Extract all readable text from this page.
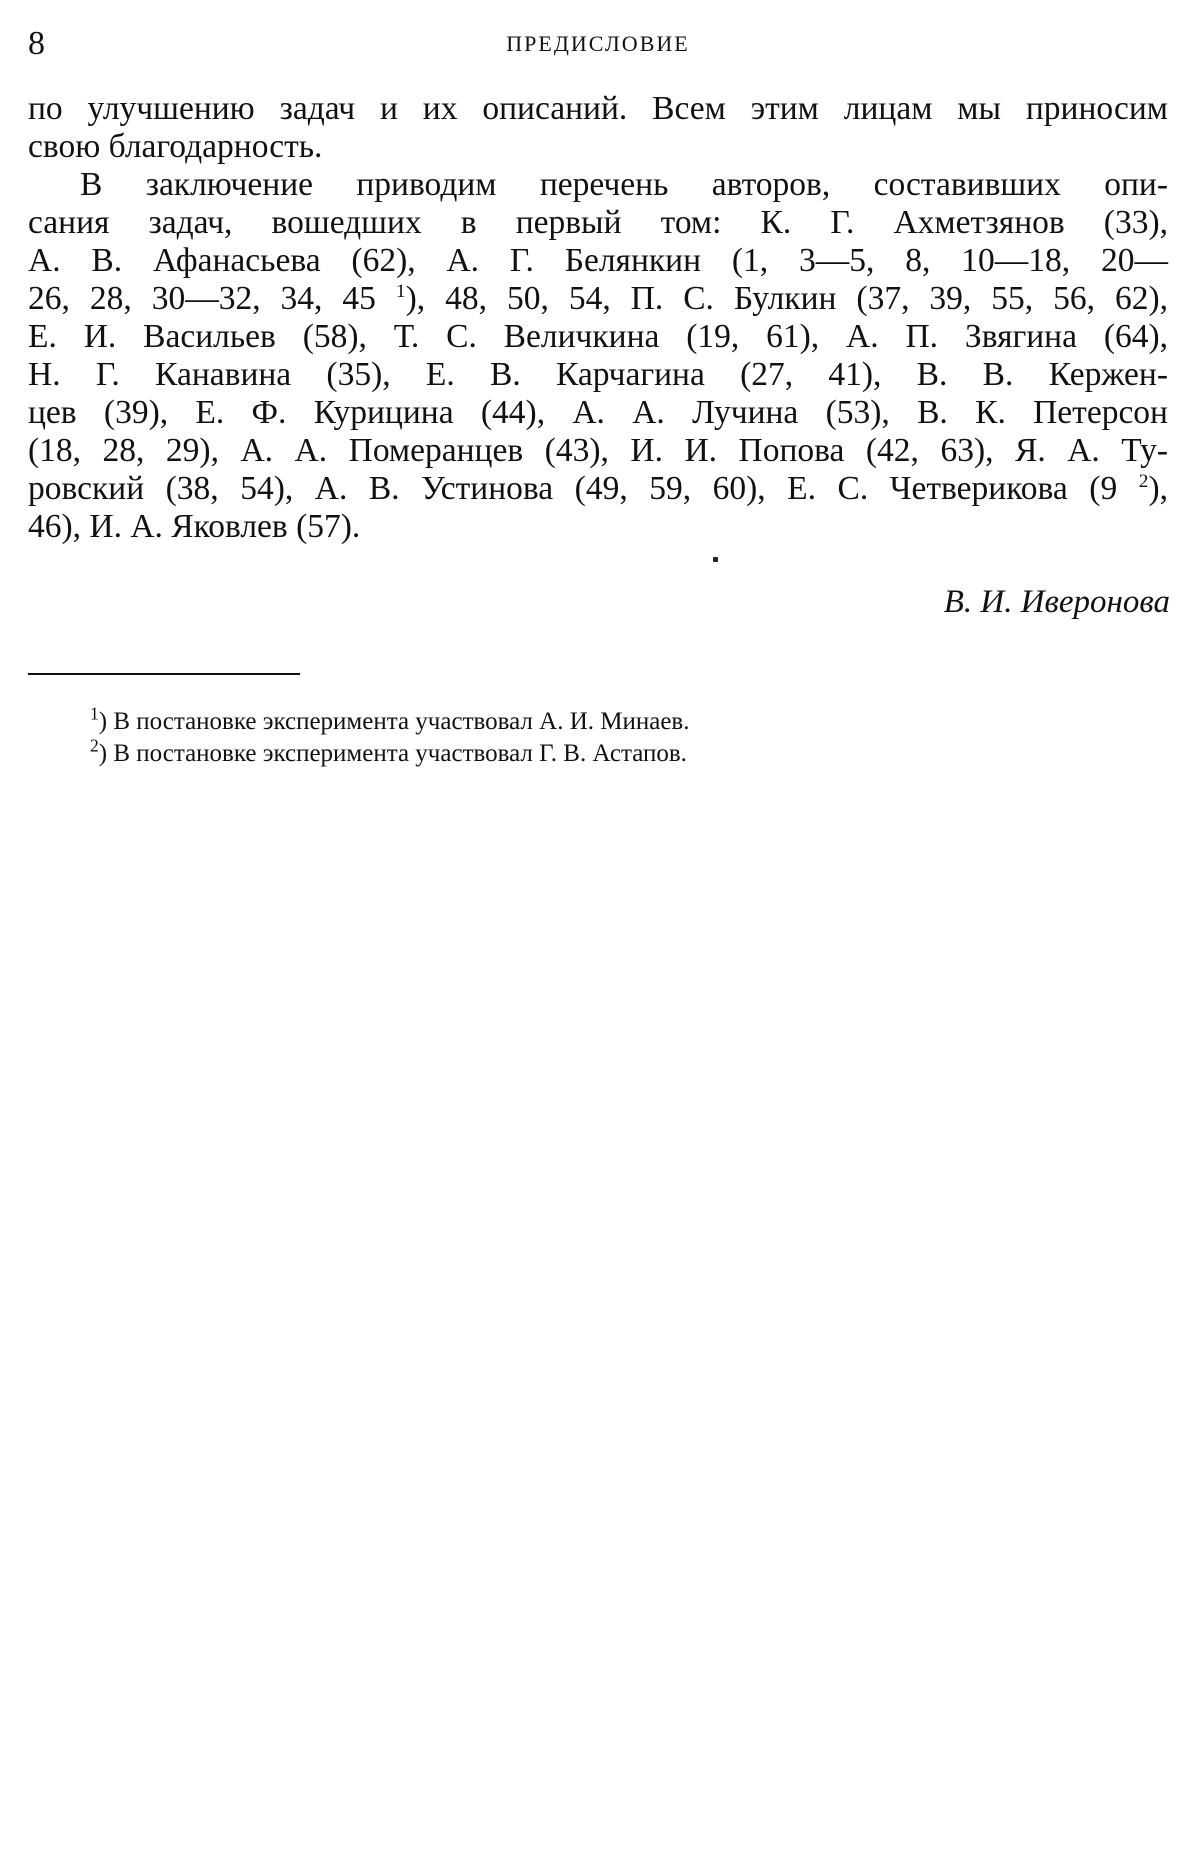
8	ПРЕДИСЛОВИЕ
по улучшению задач и их описаний. Всем этим лицам мы приносим
свою благодарность.
В заключение приводим перечень авторов, составивших опи-
сания задач, вошедших в первый том: К. Г. Ахметзянов (33),
А. В. Афанасьева (62), А. Г. Белянкин (1, 3—5, 8, 10—18, 20—
26, 28, 30—32, 34, 45 $^1$), 48, 50, 54, П. С. Булкин (37, 39, 55, 56, 62),
Е. И. Васильев (58), Т. С. Величкина (19, 61), А. П. Звягина (64),
Н. Г. Канавина (35), Е. В. Карчагина (27, 41), В. В. Кержен-
цев (39), Е. Ф. Курицина (44), А. А. Лучина (53), В. К. Петерсон
(18, 28, 29), А. А. Померанцев (43), И. И. Попова (42, 63), Я. А. Ту-
ровский (38, 54), А. В. Устинова (49, 59, 60), Е. С. Четверикова (9 $^2$),
46), И. А. Яковлев (57).
В. И. Иверонова
$^1$) В постановке эксперимента участвовал А. И. Минаев.
$^2$) В постановке эксперимента участвовал Г. В. Астапов.
